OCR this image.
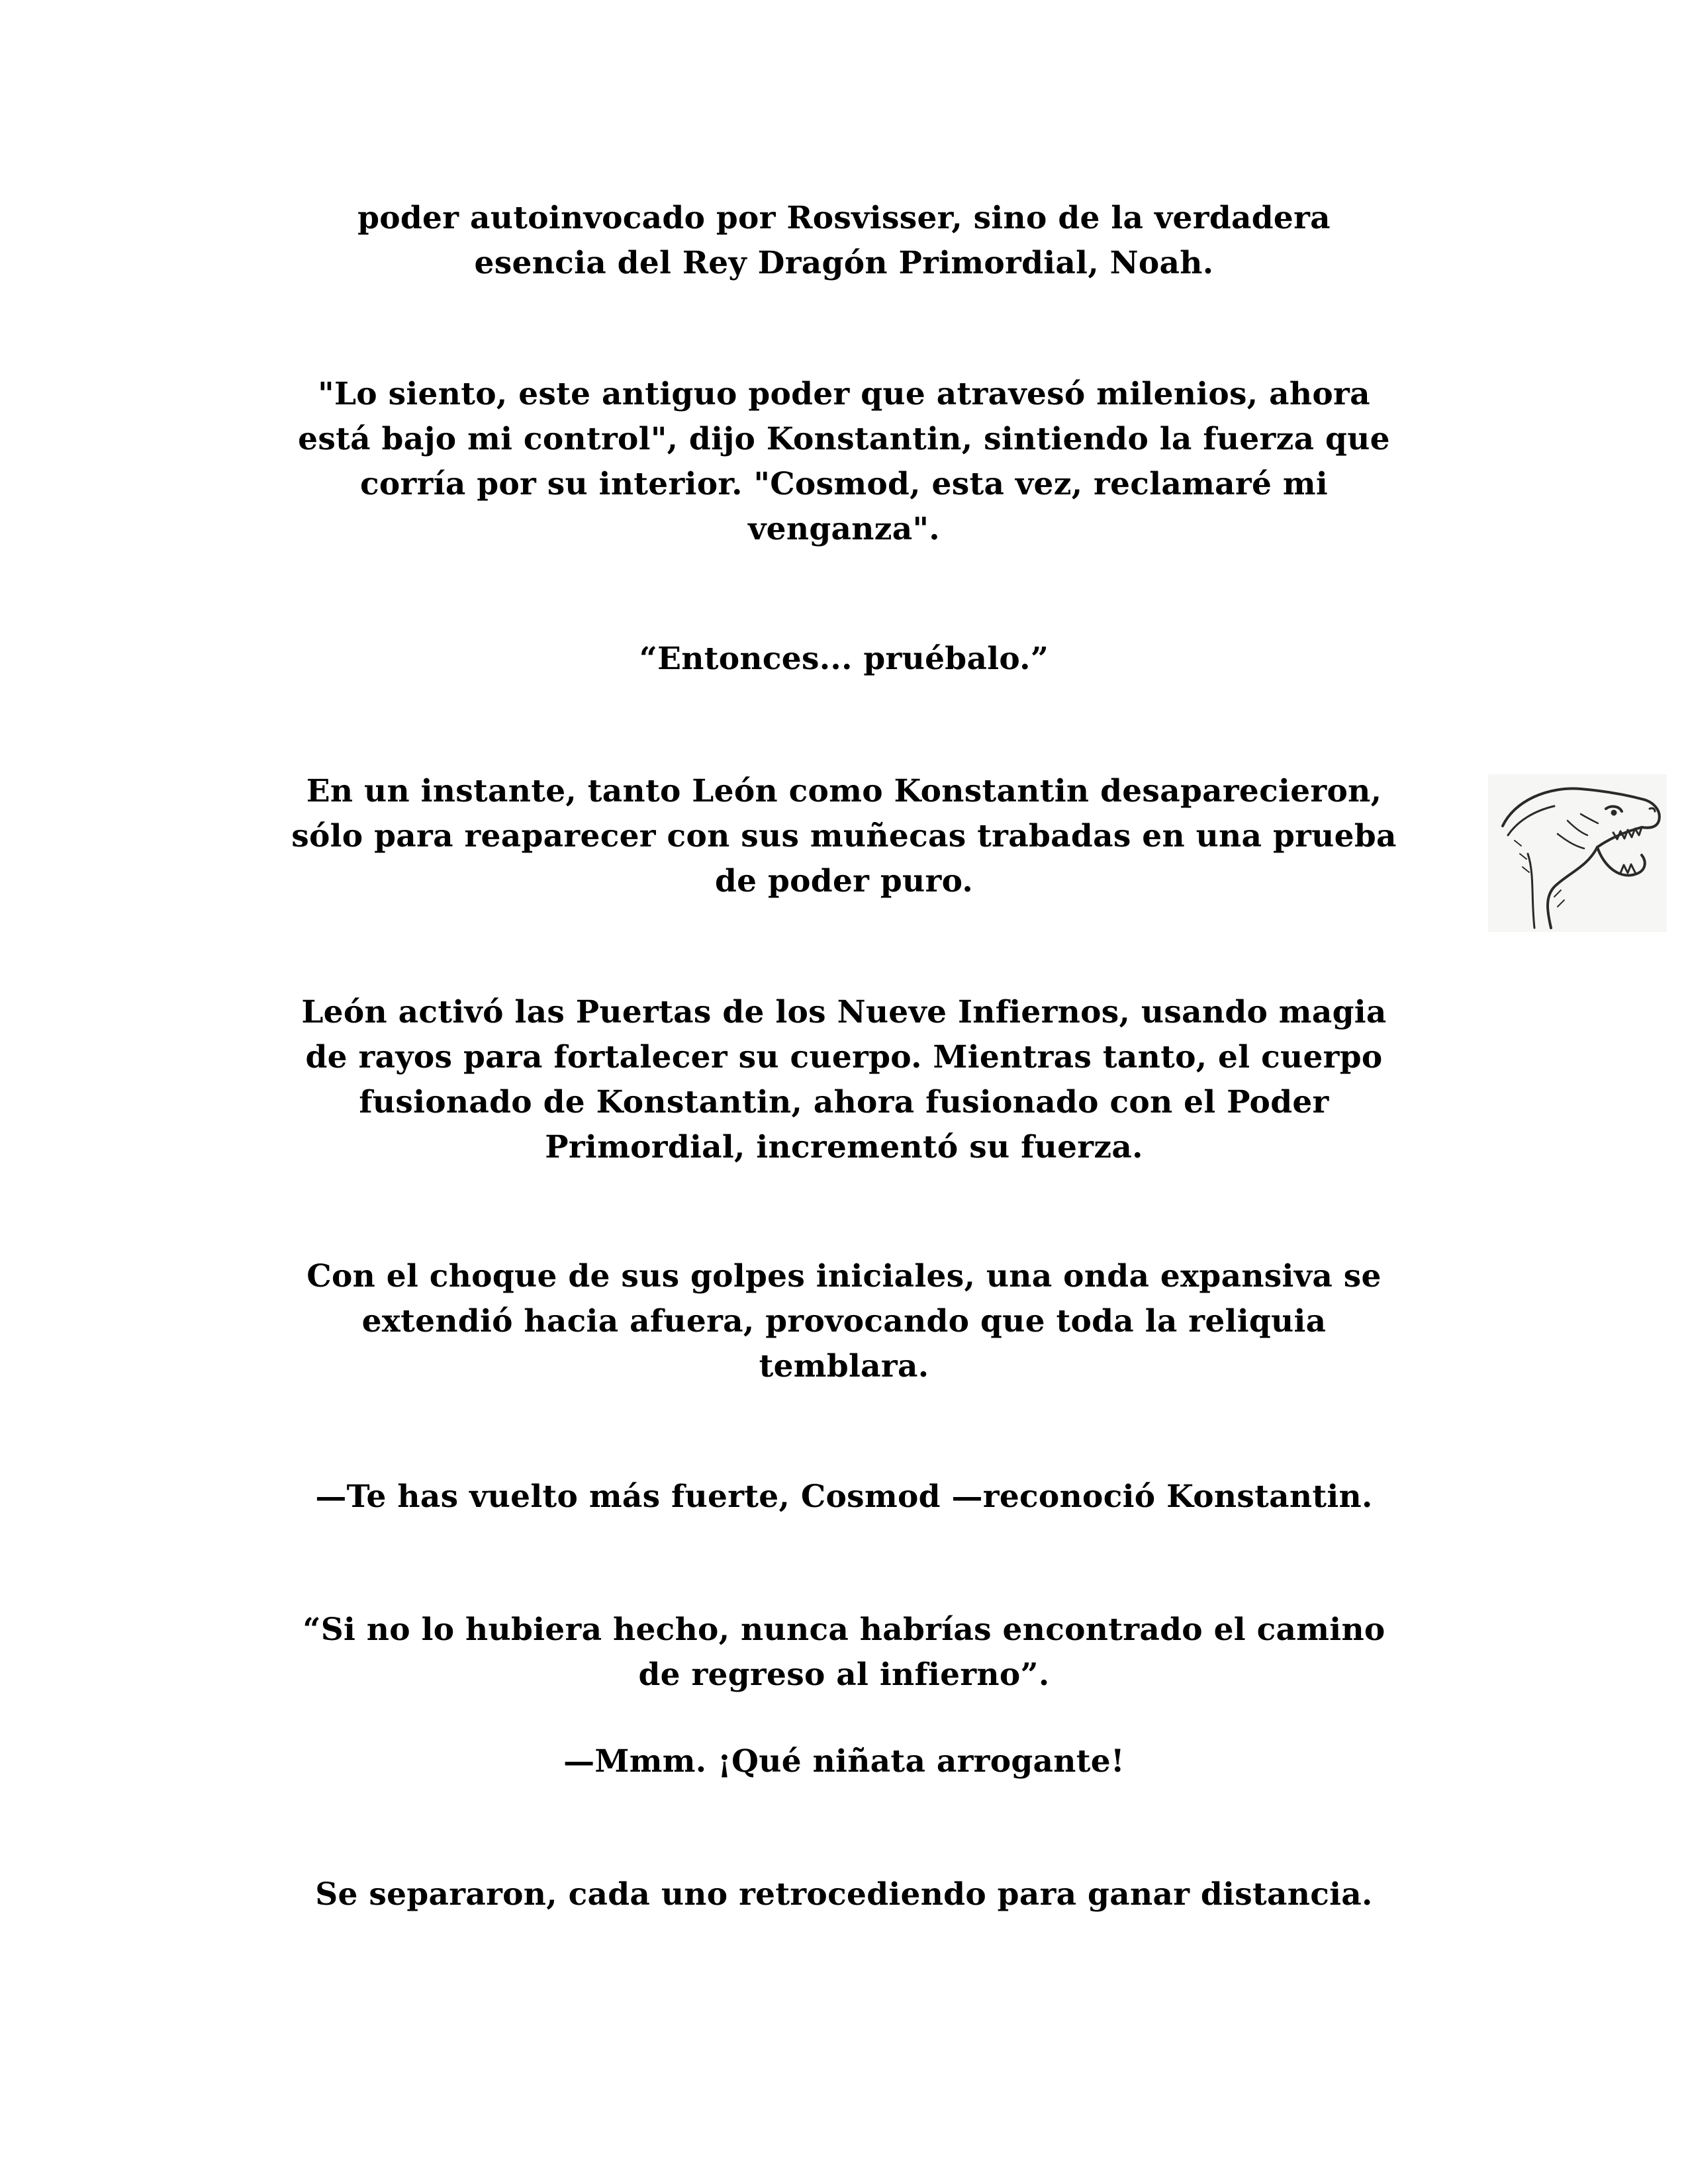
poder autoinvocado por Rosvisser, sino de la verdadera
esencia del Rey Dragón Primordial, Noah.

"Lo siento, este antiguo poder que atravesó milenios, ahora
está bajo mi control", dijo Konstantin, sintiendo la fuerza que
corría por su interior. "Cosmod, esta vez, reclamaré mi
venganza".

“Entonces... pruébalo.”

En un instante, tanto León como Konstantin desaparecieron,
sólo para reaparecer con sus muñecas trabadas en una prueba
de poder puro.

León activó las Puertas de los Nueve Infiernos, usando magia
de rayos para fortalecer su cuerpo. Mientras tanto, el cuerpo
fusionado de Konstantin, ahora fusionado con el Poder
Primordial, incrementó su fuerza.

Con el choque de sus golpes iniciales, una onda expansiva se
extendió hacia afuera, provocando que toda la reliquia
temblara.

—Te has vuelto más fuerte, Cosmod —reconoció Konstantin.

“Si no lo hubiera hecho, nunca habrías encontrado el camino
de regreso al infierno”.

—Mmm. ¡Qué niñata arrogante!

Se separaron, cada uno retrocediendo para ganar distancia.
